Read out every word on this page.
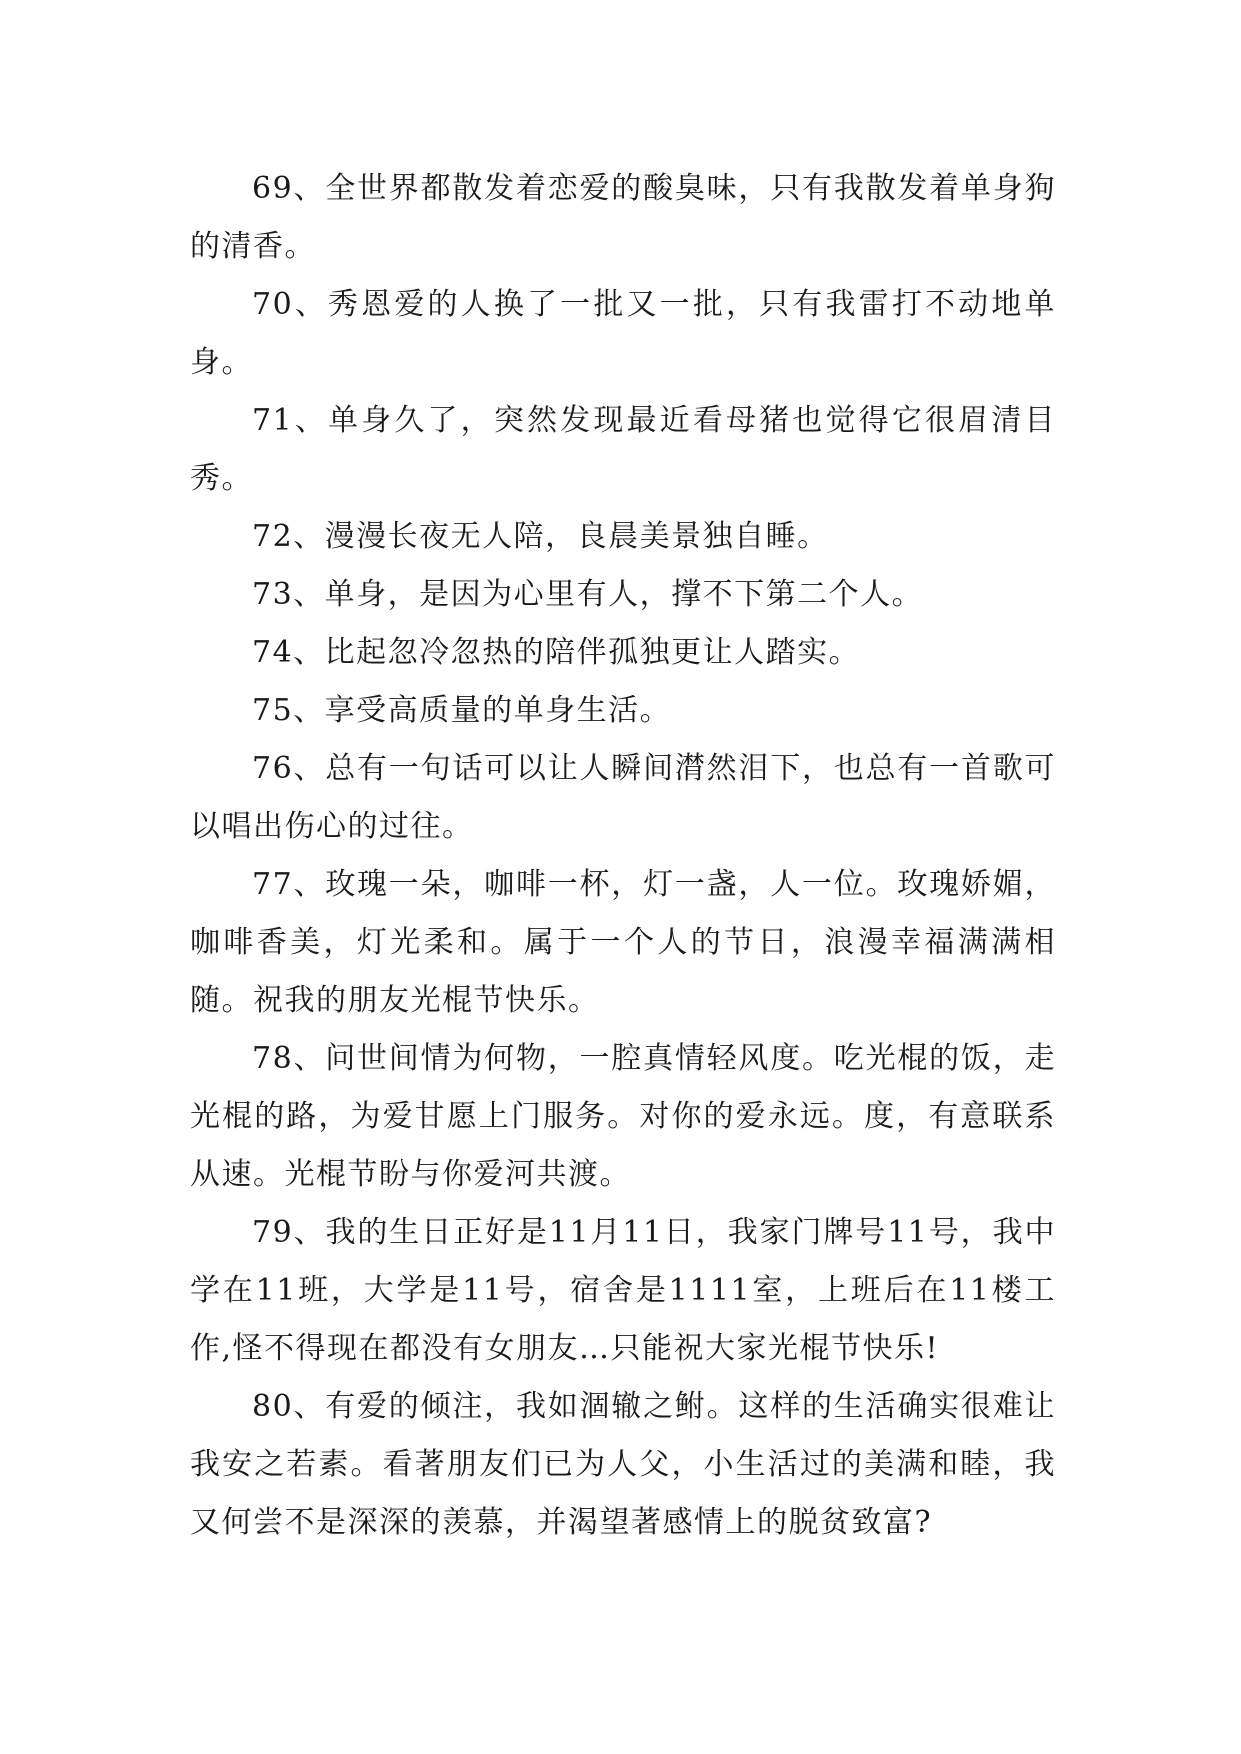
69、全世界都散发着恋爱的酸臭味，只有我散发着单身狗的清香。

70、秀恩爱的人换了一批又一批，只有我雷打不动地单身。

71、单身久了，突然发现最近看母猪也觉得它很眉清目秀。

72、漫漫长夜无人陪，良晨美景独自睡。

73、单身，是因为心里有人，撑不下第二个人。

74、比起忽冷忽热的陪伴孤独更让人踏实。

75、享受高质量的单身生活。

76、总有一句话可以让人瞬间潸然泪下，也总有一首歌可以唱出伤心的过往。

77、玫瑰一朵，咖啡一杯，灯一盏，人一位。玫瑰娇媚，咖啡香美，灯光柔和。属于一个人的节日，浪漫幸福满满相随。祝我的朋友光棍节快乐。

78、问世间情为何物，一腔真情轻风度。吃光棍的饭，走光棍的路，为爱甘愿上门服务。对你的爱永远。度，有意联系从速。光棍节盼与你爱河共渡。

79、我的生日正好是11月11日，我家门牌号11号，我中学在11班，大学是11号，宿舍是1111室，上班后在11楼工作,怪不得现在都没有女朋友…只能祝大家光棍节快乐!

80、有爱的倾注，我如涸辙之鲋。这样的生活确实很难让我安之若素。看著朋友们已为人父，小生活过的美满和睦，我又何尝不是深深的羡慕，并渴望著感情上的脱贫致富?
